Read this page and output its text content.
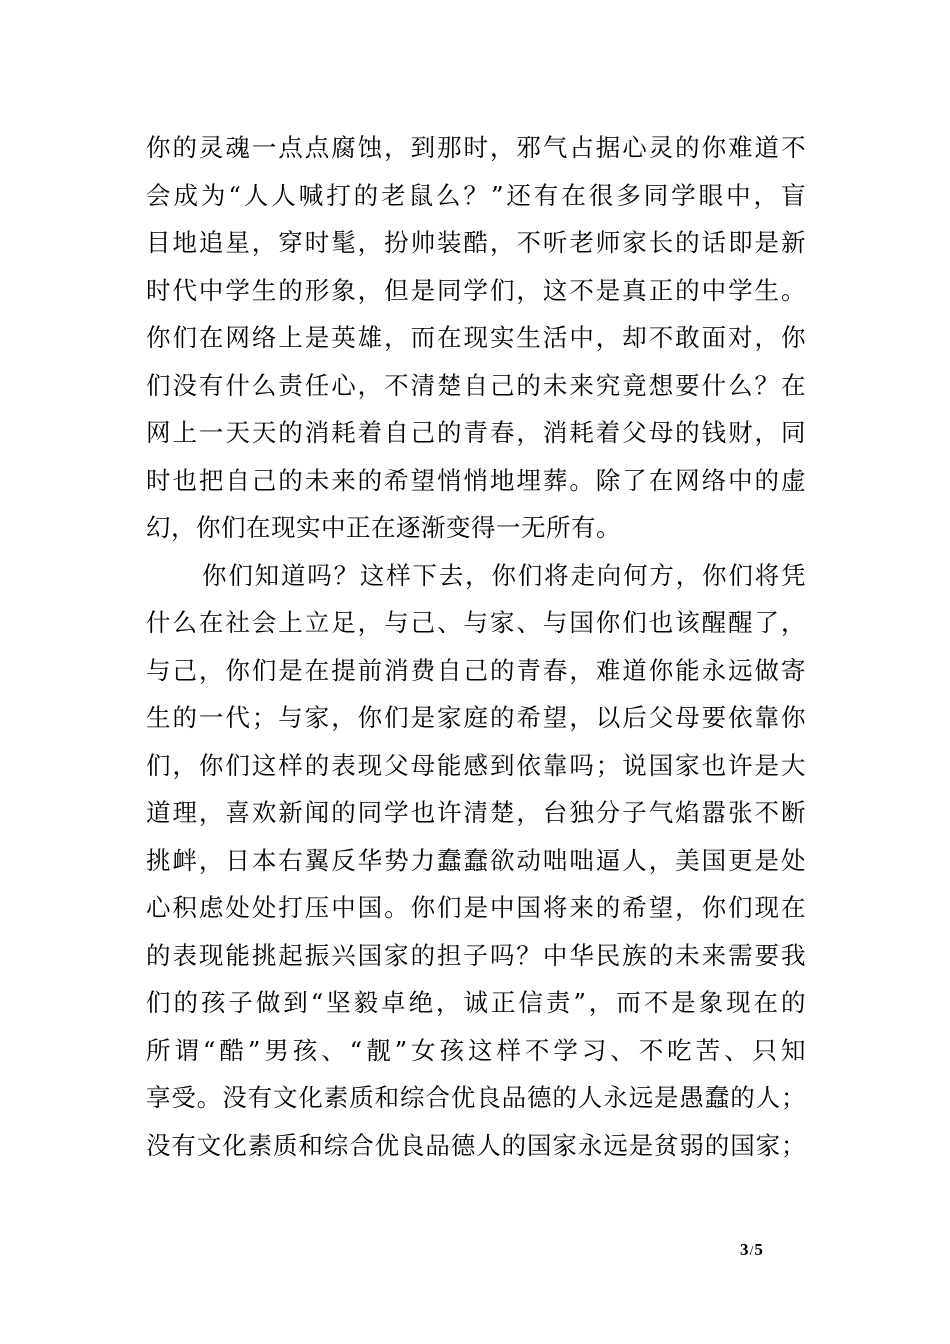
你的灵魂一点点腐蚀，到那时，邪气占据心灵的你难道不
会成为“人人喊打的老鼠么？”还有在很多同学眼中，盲
目地追星，穿时髦，扮帅装酷，不听老师家长的话即是新
时代中学生的形象，但是同学们，这不是真正的中学生。
你们在网络上是英雄，而在现实生活中，却不敢面对，你
们没有什么责任心，不清楚自己的未来究竟想要什么？在
网上一天天的消耗着自己的青春，消耗着父母的钱财，同
时也把自己的未来的希望悄悄地埋葬。除了在网络中的虚
幻，你们在现实中正在逐渐变得一无所有。
你们知道吗？这样下去，你们将走向何方，你们将凭
什么在社会上立足，与己、与家、与国你们也该醒醒了，
与己，你们是在提前消费自己的青春，难道你能永远做寄
生的一代；与家，你们是家庭的希望，以后父母要依靠你
们，你们这样的表现父母能感到依靠吗；说国家也许是大
道理，喜欢新闻的同学也许清楚，台独分子气焰嚣张不断
挑衅，日本右翼反华势力蠢蠢欲动咄咄逼人，美国更是处
心积虑处处打压中国。你们是中国将来的希望，你们现在
的表现能挑起振兴国家的担子吗？中华民族的未来需要我
们的孩子做到“坚毅卓绝，诚正信责”，而不是象现在的
所谓“酷”男孩、“靓”女孩这样不学习、不吃苦、只知
享受。没有文化素质和综合优良品德的人永远是愚蠢的人；
没有文化素质和综合优良品德人的国家永远是贫弱的国家；
3/5
